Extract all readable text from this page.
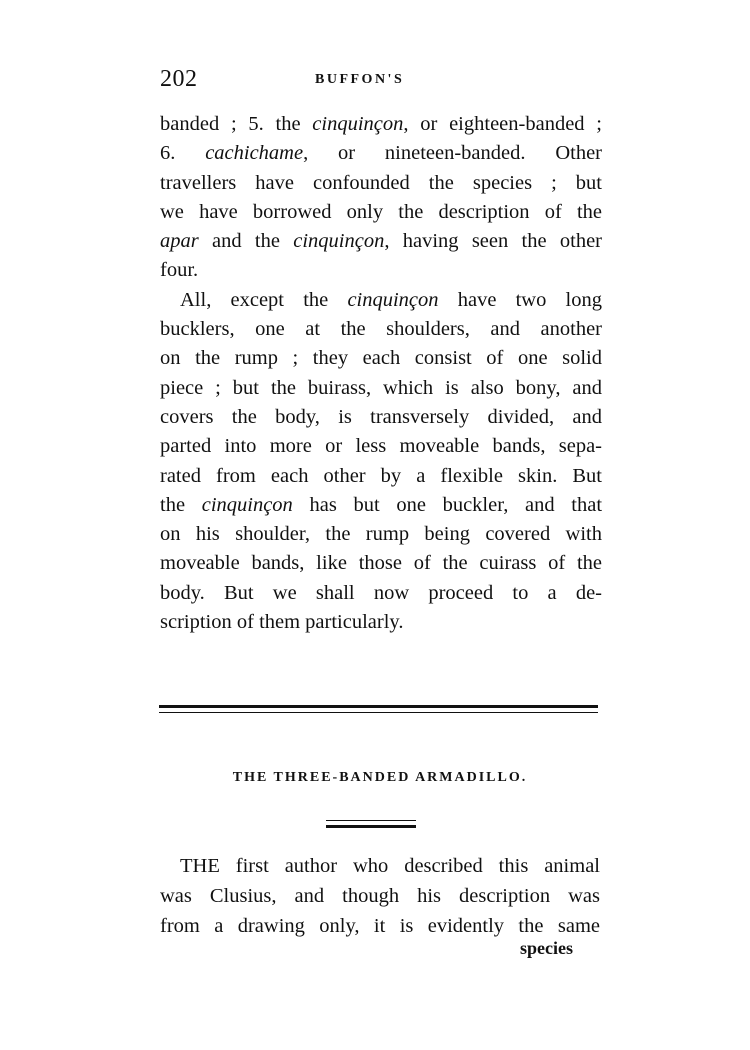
202	BUFFON'S
banded ; 5. the cinquinçon, or eighteen-banded ;
6. cachichame, or nineteen-banded. Other
travellers have confounded the species ; but
we have borrowed only the description of the
apar and the cinquinçon, having seen the other
four.
All, except the cinquinçon have two long
bucklers, one at the shoulders, and another
on the rump ; they each consist of one solid
piece ; but the buirass, which is also bony, and
covers the body, is transversely divided, and
parted into more or less moveable bands, sepa-
rated from each other by a flexible skin. But
the cinquinçon has but one buckler, and that
on his shoulder, the rump being covered with
moveable bands, like those of the cuirass of the
body. But we shall now proceed to a de-
scription of them particularly.
THE THREE-BANDED ARMADILLO.
THE first author who described this animal
was Clusius, and though his description was
from a drawing only, it is evidently the same
species
